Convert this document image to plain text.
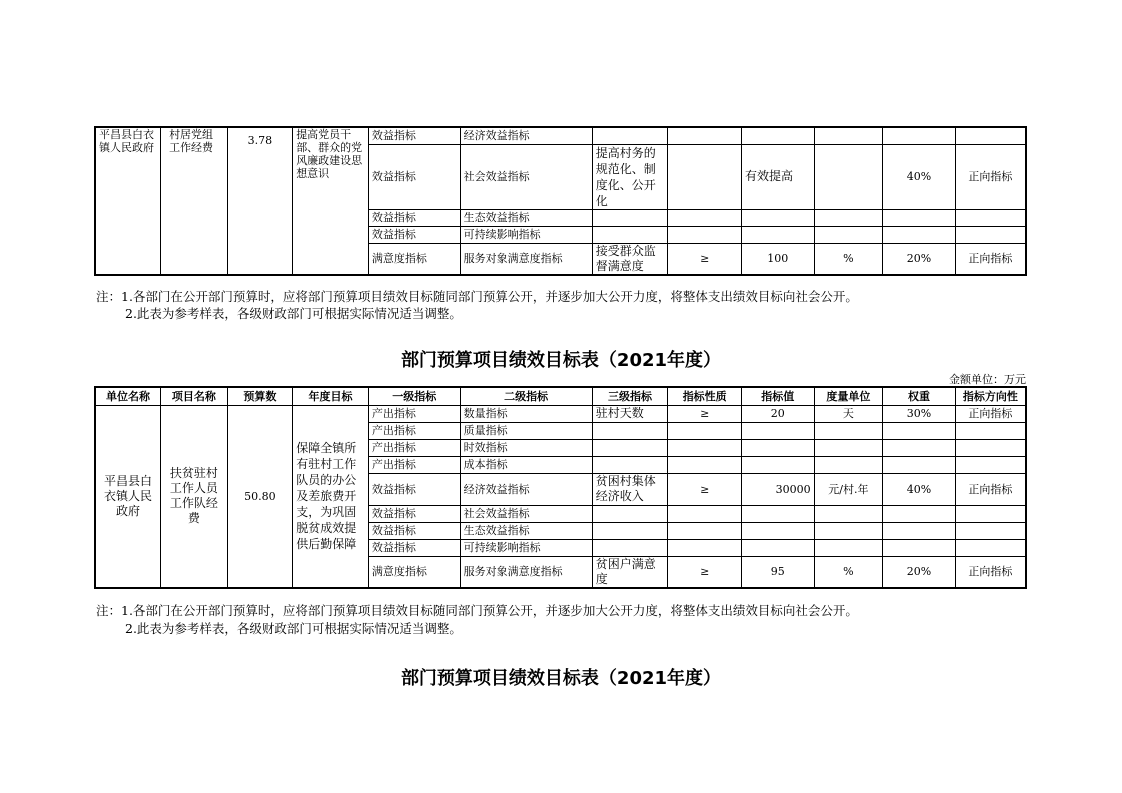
平昌县白衣镇人民政府	村居党组工作经费	3.78	提高党员干部、群众的党风廉政建设思想意识	效益指标	经济效益指标						
				效益指标	社会效益指标	提高村务的规范化、制度化、公开化		有效提高		40%	正向指标
				效益指标	生态效益指标						
				效益指标	可持续影响指标						
				满意度指标	服务对象满意度指标	接受群众监督满意度	≥	100	%	20%	正向指标
注：1.各部门在公开部门预算时，应将部门预算项目绩效目标随同部门预算公开，并逐步加大公开力度，将整体支出绩效目标向社会公开。
2.此表为参考样表，各级财政部门可根据实际情况适当调整。
部门预算项目绩效目标表（2021年度）
金额单位：万元
单位名称	项目名称	预算数	年度目标	一级指标	二级指标	三级指标	指标性质	指标值	度量单位	权重	指标方向性
平昌县白衣镇人民政府	扶贫驻村工作人员工作队经费	50.80	保障全镇所有驻村工作队员的办公及差旅费开支，为巩固脱贫成效提供后勤保障	产出指标	数量指标	驻村天数	≥	20	天	30%	正向指标
				产出指标	质量指标						
				产出指标	时效指标						
				产出指标	成本指标						
				效益指标	经济效益指标	贫困村集体经济收入	≥	30000	元/村.年	40%	正向指标
				效益指标	社会效益指标						
				效益指标	生态效益指标						
				效益指标	可持续影响指标						
				满意度指标	服务对象满意度指标	贫困户满意度	≥	95	%	20%	正向指标
注：1.各部门在公开部门预算时，应将部门预算项目绩效目标随同部门预算公开，并逐步加大公开力度，将整体支出绩效目标向社会公开。
2.此表为参考样表，各级财政部门可根据实际情况适当调整。
部门预算项目绩效目标表（2021年度）
